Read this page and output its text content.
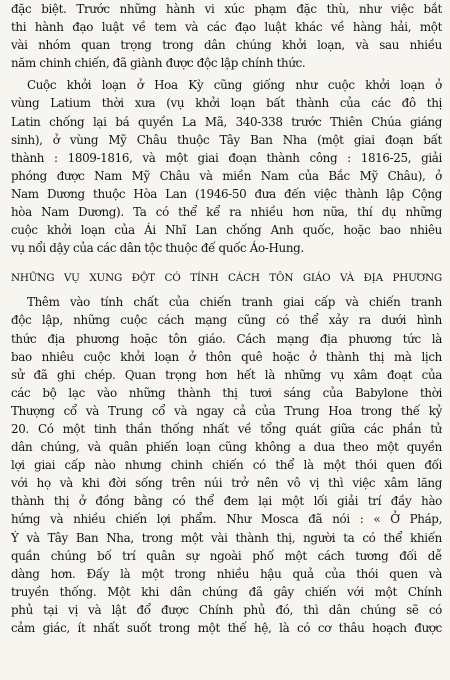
đặc biệt. Trước những hành vi xúc phạm đặc thù, như việc bắt
thi hành đạo luật về tem và các đạo luật khác về hàng hải, một
vài nhóm quan trọng trong dân chúng khởi loạn, và sau nhiều
năm chinh chiến, đã giành được độc lập chính thức.
Cuộc khởi loạn ở Hoa Kỳ cũng giống như cuộc khởi loạn ở
vùng Latium thời xưa (vụ khởi loạn bất thành của các đô thị
Latin chống lại bá quyền La Mã, 340-338 trước Thiên Chúa giáng
sinh), ở vùng Mỹ Châu thuộc Tây Ban Nha (một giai đoạn bất
thành : 1809-1816, và một giai đoạn thành công : 1816-25, giải
phóng được Nam Mỹ Châu và miền Nam của Bắc Mỹ Châu), ở
Nam Dương thuộc Hòa Lan (1946-50 đưa đến việc thành lập Cộng
hòa Nam Dương). Ta có thể kể ra nhiều hơn nữa, thí dụ những
cuộc khởi loạn của Ái Nhĩ Lan chống Anh quốc, hoặc bao nhiêu
vụ nổi dậy của các dân tộc thuộc đế quốc Áo-Hung.
NHỮNG VỤ XUNG ĐỘT CÓ TÍNH CÁCH TÔN GIÁO VÀ ĐỊA PHƯƠNG
Thêm vào tính chất của chiến tranh giai cấp và chiến tranh
độc lập, những cuộc cách mạng cũng có thể xảy ra dưới hình
thức địa phương hoặc tôn giáo. Cách mạng địa phương tức là
bao nhiêu cuộc khởi loạn ở thôn quê hoặc ở thành thị mà lịch
sử đã ghi chép. Quan trọng hơn hết là những vụ xâm đoạt của
các bộ lạc vào những thành thị tươi sáng của Babylone thời
Thượng cổ và Trung cổ và ngay cả của Trung Hoa trong thế kỷ
20. Có một tinh thần thống nhất về tổng quát giữa các phần tử
dân chúng, và quân phiến loạn cũng không a dua theo một quyền
lợi giai cấp nào nhưng chinh chiến có thể là một thói quen đối
với họ và khi đời sống trên núi trở nên vô vị thì việc xâm lăng
thành thị ở đồng bằng có thể đem lại một lối giải trí đầy hào
hứng và nhiều chiến lợi phẩm. Như Mosca đã nói : « Ở Pháp,
Ý và Tây Ban Nha, trong một vài thành thị, người ta có thể khiến
quần chúng bố trí quân sự ngoài phố một cách tương đối dễ
dàng hơn. Đấy là một trong nhiều hậu quả của thói quen và
truyền thống. Một khi dân chúng đã gây chiến với một Chính
phủ tại vị và lật đổ được Chính phủ đó, thì dân chúng sẽ có
cảm giác, ít nhất suốt trong một thế hệ, là có cơ thâu hoạch được
